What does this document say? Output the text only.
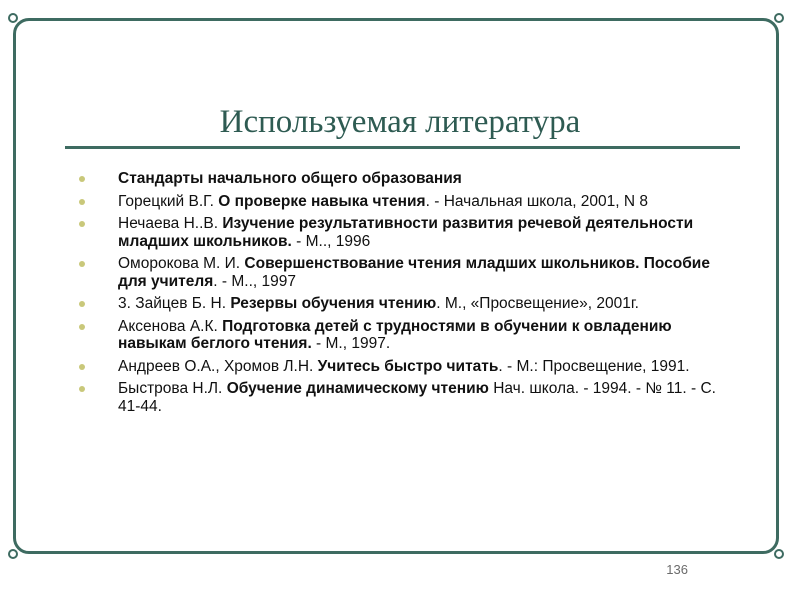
Используемая литература
Стандарты начального общего образования
Горецкий В.Г. О проверке навыка чтения. - Начальная школа, 2001, N 8
Нечаева Н..В. Изучение результативности развития речевой деятельности младших школьников. - М.., 1996
Оморокова М. И. Совершенствование чтения младших школьников. Пособие для учителя. - М.., 1997
3. Зайцев Б. Н. Резервы обучения чтению. М., «Просвещение», 2001г.
Аксенова А.К. Подготовка детей с трудностями в обучении к овладению навыкам беглого чтения. - М., 1997.
Андреев О.А., Хромов Л.Н. Учитесь быстро читать. - М.: Просвещение, 1991.
Быстрова Н.Л. Обучение динамическому чтению Нач. школа. - 1994. - № 11. - С. 41-44.
136
